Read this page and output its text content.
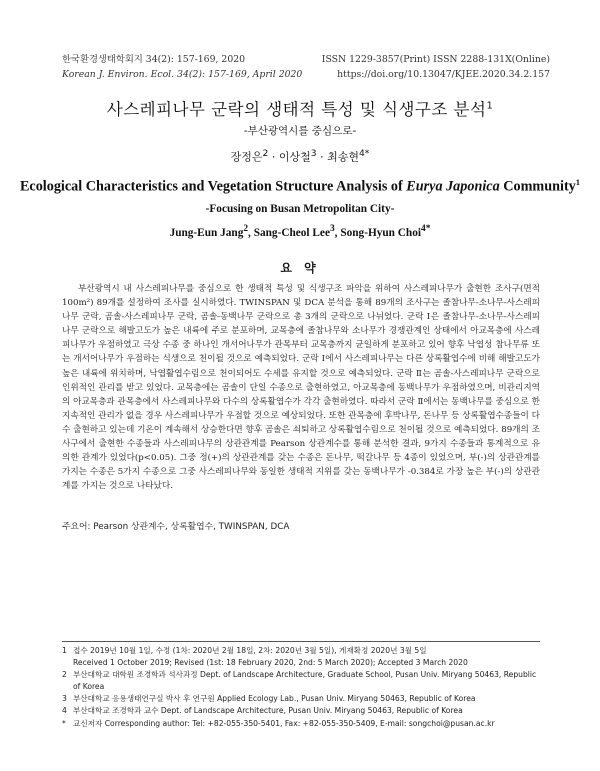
한국환경생태학회지 34(2): 157-169, 2020
Korean J. Environ. Ecol. 34(2): 157-169, April 2020
ISSN 1229-3857(Print) ISSN 2288-131X(Online)
https://doi.org/10.13047/KJEE.2020.34.2.157
사스레피나무 군락의 생태적 특성 및 식생구조 분석$^1$
-부산광역시를 중심으로-
장정은$^2$ · 이상철$^3$ · 최송현$^{4*}$
Ecological Characteristics and Vegetation Structure Analysis of Eurya Japonica Community$^1$
-Focusing on Busan Metropolitan City-
Jung-Eun Jang$^2$, Sang-Cheol Lee$^3$, Song-Hyun Choi$^{4*}$
요 약

부산광역시 내 사스레피나무를 중심으로 한 생태적 특성 및 식생구조 파악을 위하여 사스레피나무가 출현한 조사구(면적 100m²) 89개를 설정하여 조사를 실시하였다. TWINSPAN 및 DCA 분석을 통해 89개의 조사구는 졸참나무-소나무-사스레피나무 군락, 곰솔-사스레피나무 군락, 곰솔-동백나무 군락으로 총 3개의 군락으로 나뉘었다. 군락 Ⅰ은 졸참나무-소나무-사스레피나무 군락으로 해발고도가 높은 내륙에 주로 분포하며, 교목층에 졸참나무와 소나무가 경쟁관계인 상태에서 아교목층에 사스레피나무가 우점하였고 극상 수종 중 하나인 개서어나무가 관목부터 교목층까지 균일하게 분포하고 있어 향후 낙엽성 참나무류 또는 개서어나무가 우점하는 식생으로 천이될 것으로 예측되었다. 군락 Ⅰ에서 사스레피나무는 다른 상록활엽수에 비해 해발고도가 높은 내륙에 위치하며, 낙엽활엽수림으로 천이되어도 수세를 유지할 것으로 예측되었다. 군락 Ⅱ는 곰솔-사스레피나무 군락으로 인위적인 관리를 받고 있었다. 교목층에는 곰솔이 단일 수종으로 출현하였고, 아교목층에 동백나무가 우점하였으며, 비관리지역의 아교목층과 관목층에서 사스레피나무와 다수의 상록활엽수가 각각 출현하였다. 따라서 군락 Ⅱ에서는 동백나무를 중심으로 한 지속적인 관리가 없을 경우 사스레피나무가 우점할 것으로 예상되었다. 또한 관목층에 후박나무, 돈나무 등 상록활엽수종들이 다수 출현하고 있는데 기온이 계속해서 상승한다면 향후 곰솔은 쇠퇴하고 상록활엽수림으로 천이될 것으로 예측되었다. 89개의 조사구에서 출현한 수종들과 사스레피나무의 상관관계를 Pearson 상관계수를 통해 분석한 결과, 9가지 수종들과 통계적으로 유의한 관계가 있었다(p<0.05). 그중 정(+)의 상관관계를 갖는 수종은 돈나무, 떡갈나무 등 4종이 있었으며, 부(-)의 상관관계를 가지는 수종은 5가지 수종으로 그중 사스레피나무와 동일한 생태적 지위를 갖는 동백나무가 -0.384로 가장 높은 부(-)의 상관관계를 가지는 것으로 나타났다.

주요어: Pearson 상관계수, 상록활엽수, TWINSPAN, DCA
1 접수 2019년 10월 1일, 수정 (1차: 2020년 2월 18일, 2차: 2020년 3월 5일), 게재확정 2020년 3월 5일
Received 1 October 2019; Revised (1st: 18 February 2020, 2nd: 5 March 2020); Accepted 3 March 2020
2 부산대학교 대학원 조경학과 석사과정 Dept. of Landscape Architecture, Graduate School, Pusan Univ. Miryang 50463, Republic of Korea
3 부산대학교 응용생태연구실 박사 후 연구원 Applied Ecology Lab., Pusan Univ. Miryang 50463, Republic of Korea
4 부산대학교 조경학과 교수 Dept. of Landscape Architecture, Pusan Univ. Miryang 50463, Republic of Korea
* 교신저자 Corresponding author: Tel: +82-055-350-5401, Fax: +82-055-350-5409, E-mail: songchoi@pusan.ac.kr
